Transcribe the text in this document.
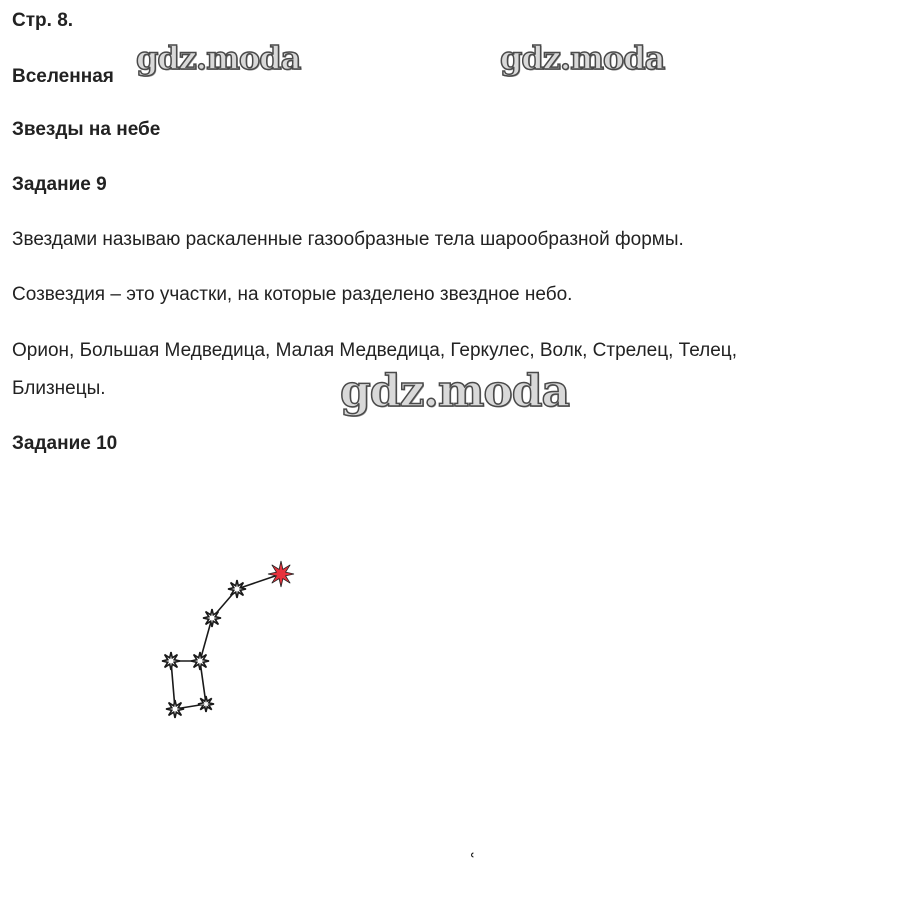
Стр. 8.
Вселенная
Звезды на небе
Задание 9
Звездами называю раскаленные газообразные тела шарообразной формы.
Созвездия – это участки, на которые разделено звездное небо.
Орион, Большая Медведица, Малая Медведица, Геркулес, Волк, Стрелец, Телец,
Близнецы.
Задание 10
gdz.moda	gdz.moda
gdz.moda
˓
